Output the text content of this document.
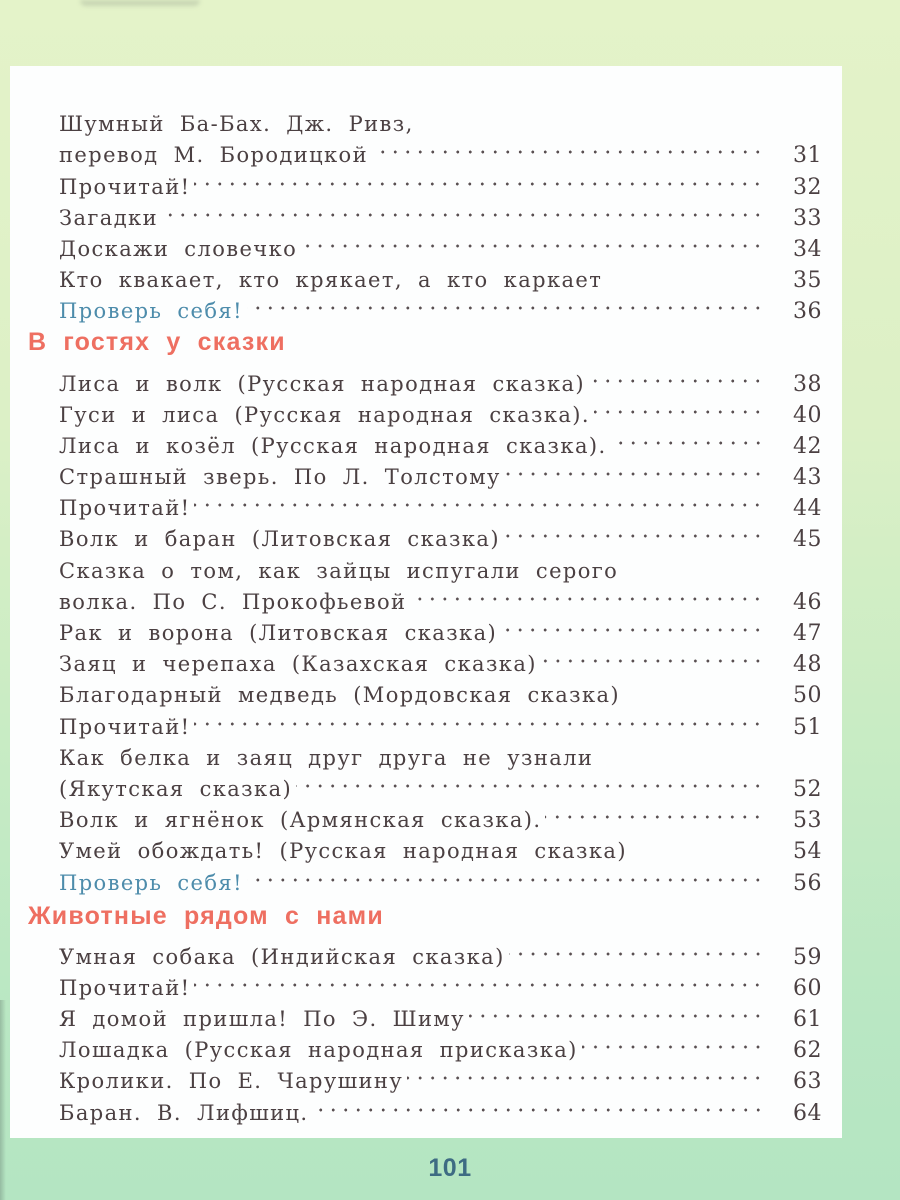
Шумный Ба-Бах. Дж. Ривз,
перевод М. Бородицкой	31
Прочитай!	32
Загадки	33
Доскажи словечко	34
Кто квакает, кто крякает, а кто каркает	35
Проверь себя!	36
В гостях у сказки
Лиса и волк (Русская народная сказка)	38
Гуси и лиса (Русская народная сказка).	40
Лиса и козёл (Русская народная сказка).	42
Страшный зверь. По Л. Толстому	43
Прочитай!	44
Волк и баран (Литовская сказка)	45
Сказка о том, как зайцы испугали серого
волка. По С. Прокофьевой	46
Рак и ворона (Литовская сказка)	47
Заяц и черепаха (Казахская сказка)	48
Благодарный медведь (Мордовская сказка)	50
Прочитай!	51
Как белка и заяц друг друга не узнали
(Якутская сказка)	52
Волк и ягнёнок (Армянская сказка).	53
Умей обождать! (Русская народная сказка)	54
Проверь себя!	56
Животные рядом с нами
Умная собака (Индийская сказка)	59
Прочитай!	60
Я домой пришла! По Э. Шиму	61
Лошадка (Русская народная присказка)	62
Кролики. По Е. Чарушину	63
Баран. В. Лифшиц.	64
101
